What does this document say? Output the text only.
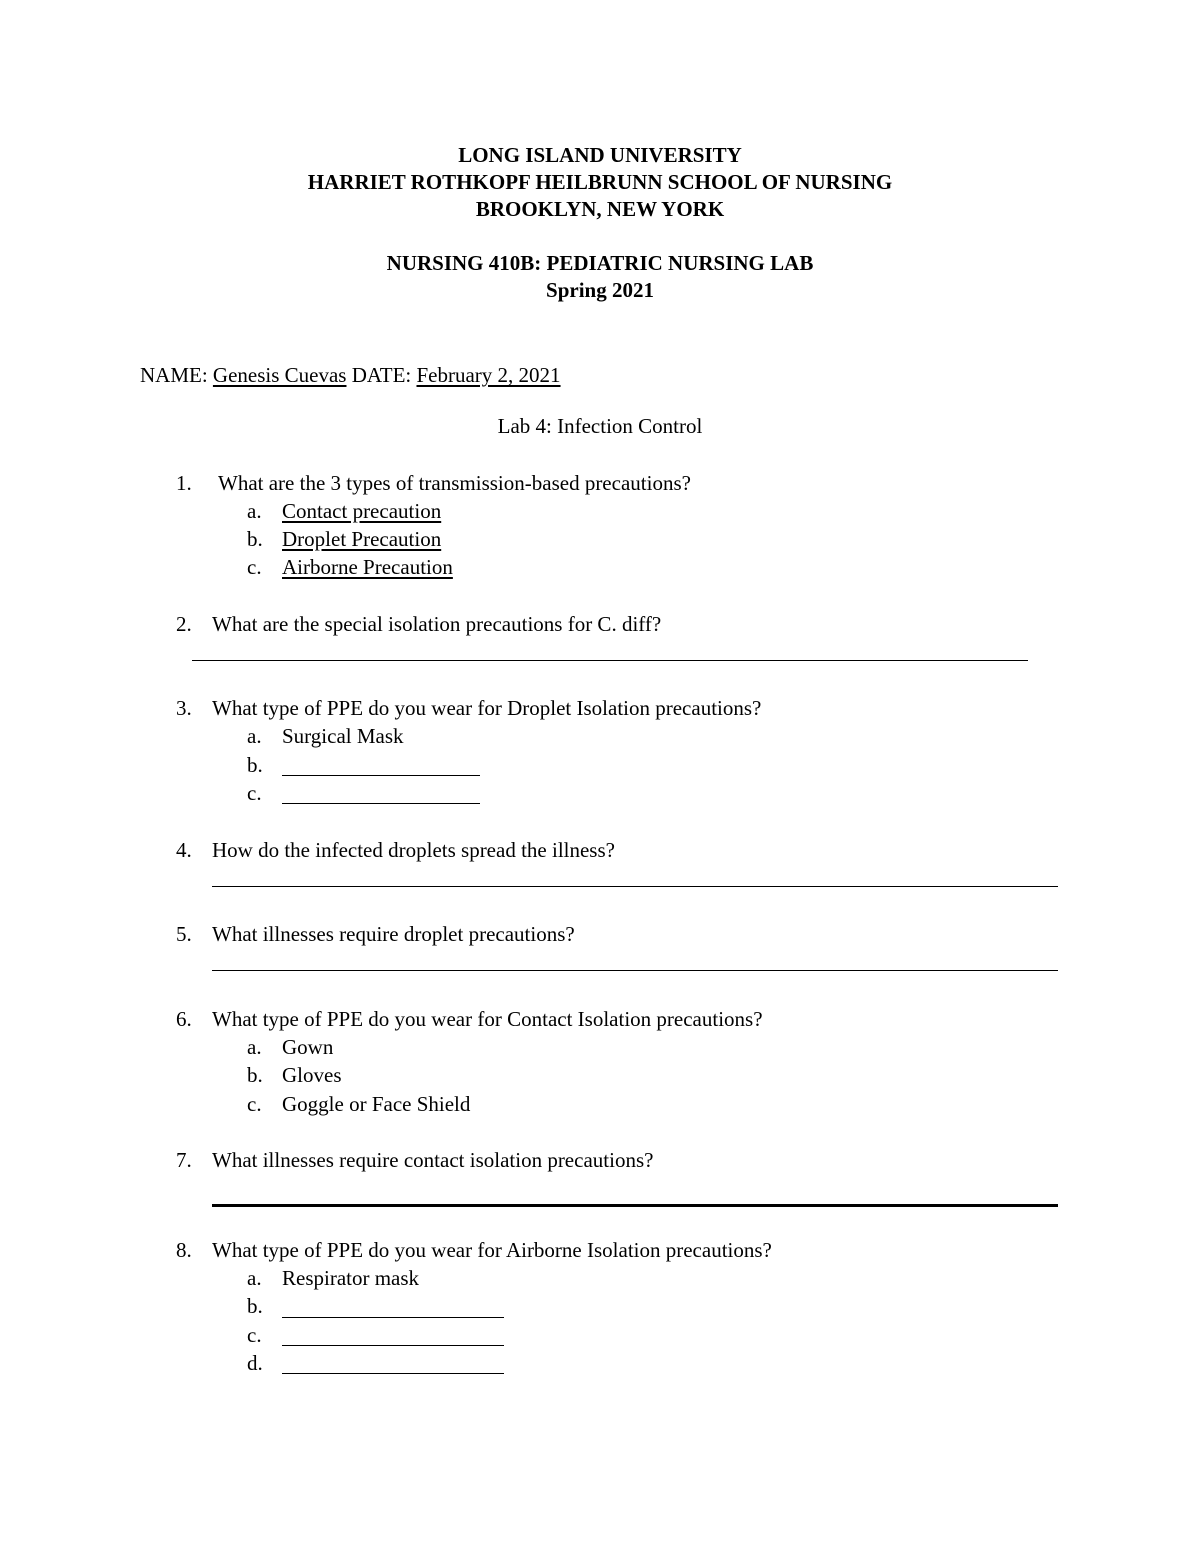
LONG ISLAND UNIVERSITY
HARRIET ROTHKOPF HEILBRUNN SCHOOL OF NURSING
BROOKLYN, NEW YORK
NURSING 410B: PEDIATRIC NURSING LAB
Spring 2021
NAME: Genesis Cuevas DATE: February 2, 2021
Lab 4: Infection Control
1. What are the 3 types of transmission-based precautions?
a. Contact precaution
b. Droplet Precaution
c. Airborne Precaution
2. What are the special isolation precautions for C. diff?
3. What type of PPE do you wear for Droplet Isolation precautions?
a. Surgical Mask
b.
c.
4. How do the infected droplets spread the illness?
5. What illnesses require droplet precautions?
6. What type of PPE do you wear for Contact Isolation precautions?
a. Gown
b. Gloves
c. Goggle or Face Shield
7. What illnesses require contact isolation precautions?
8. What type of PPE do you wear for Airborne Isolation precautions?
a. Respirator mask
b.
c.
d.
